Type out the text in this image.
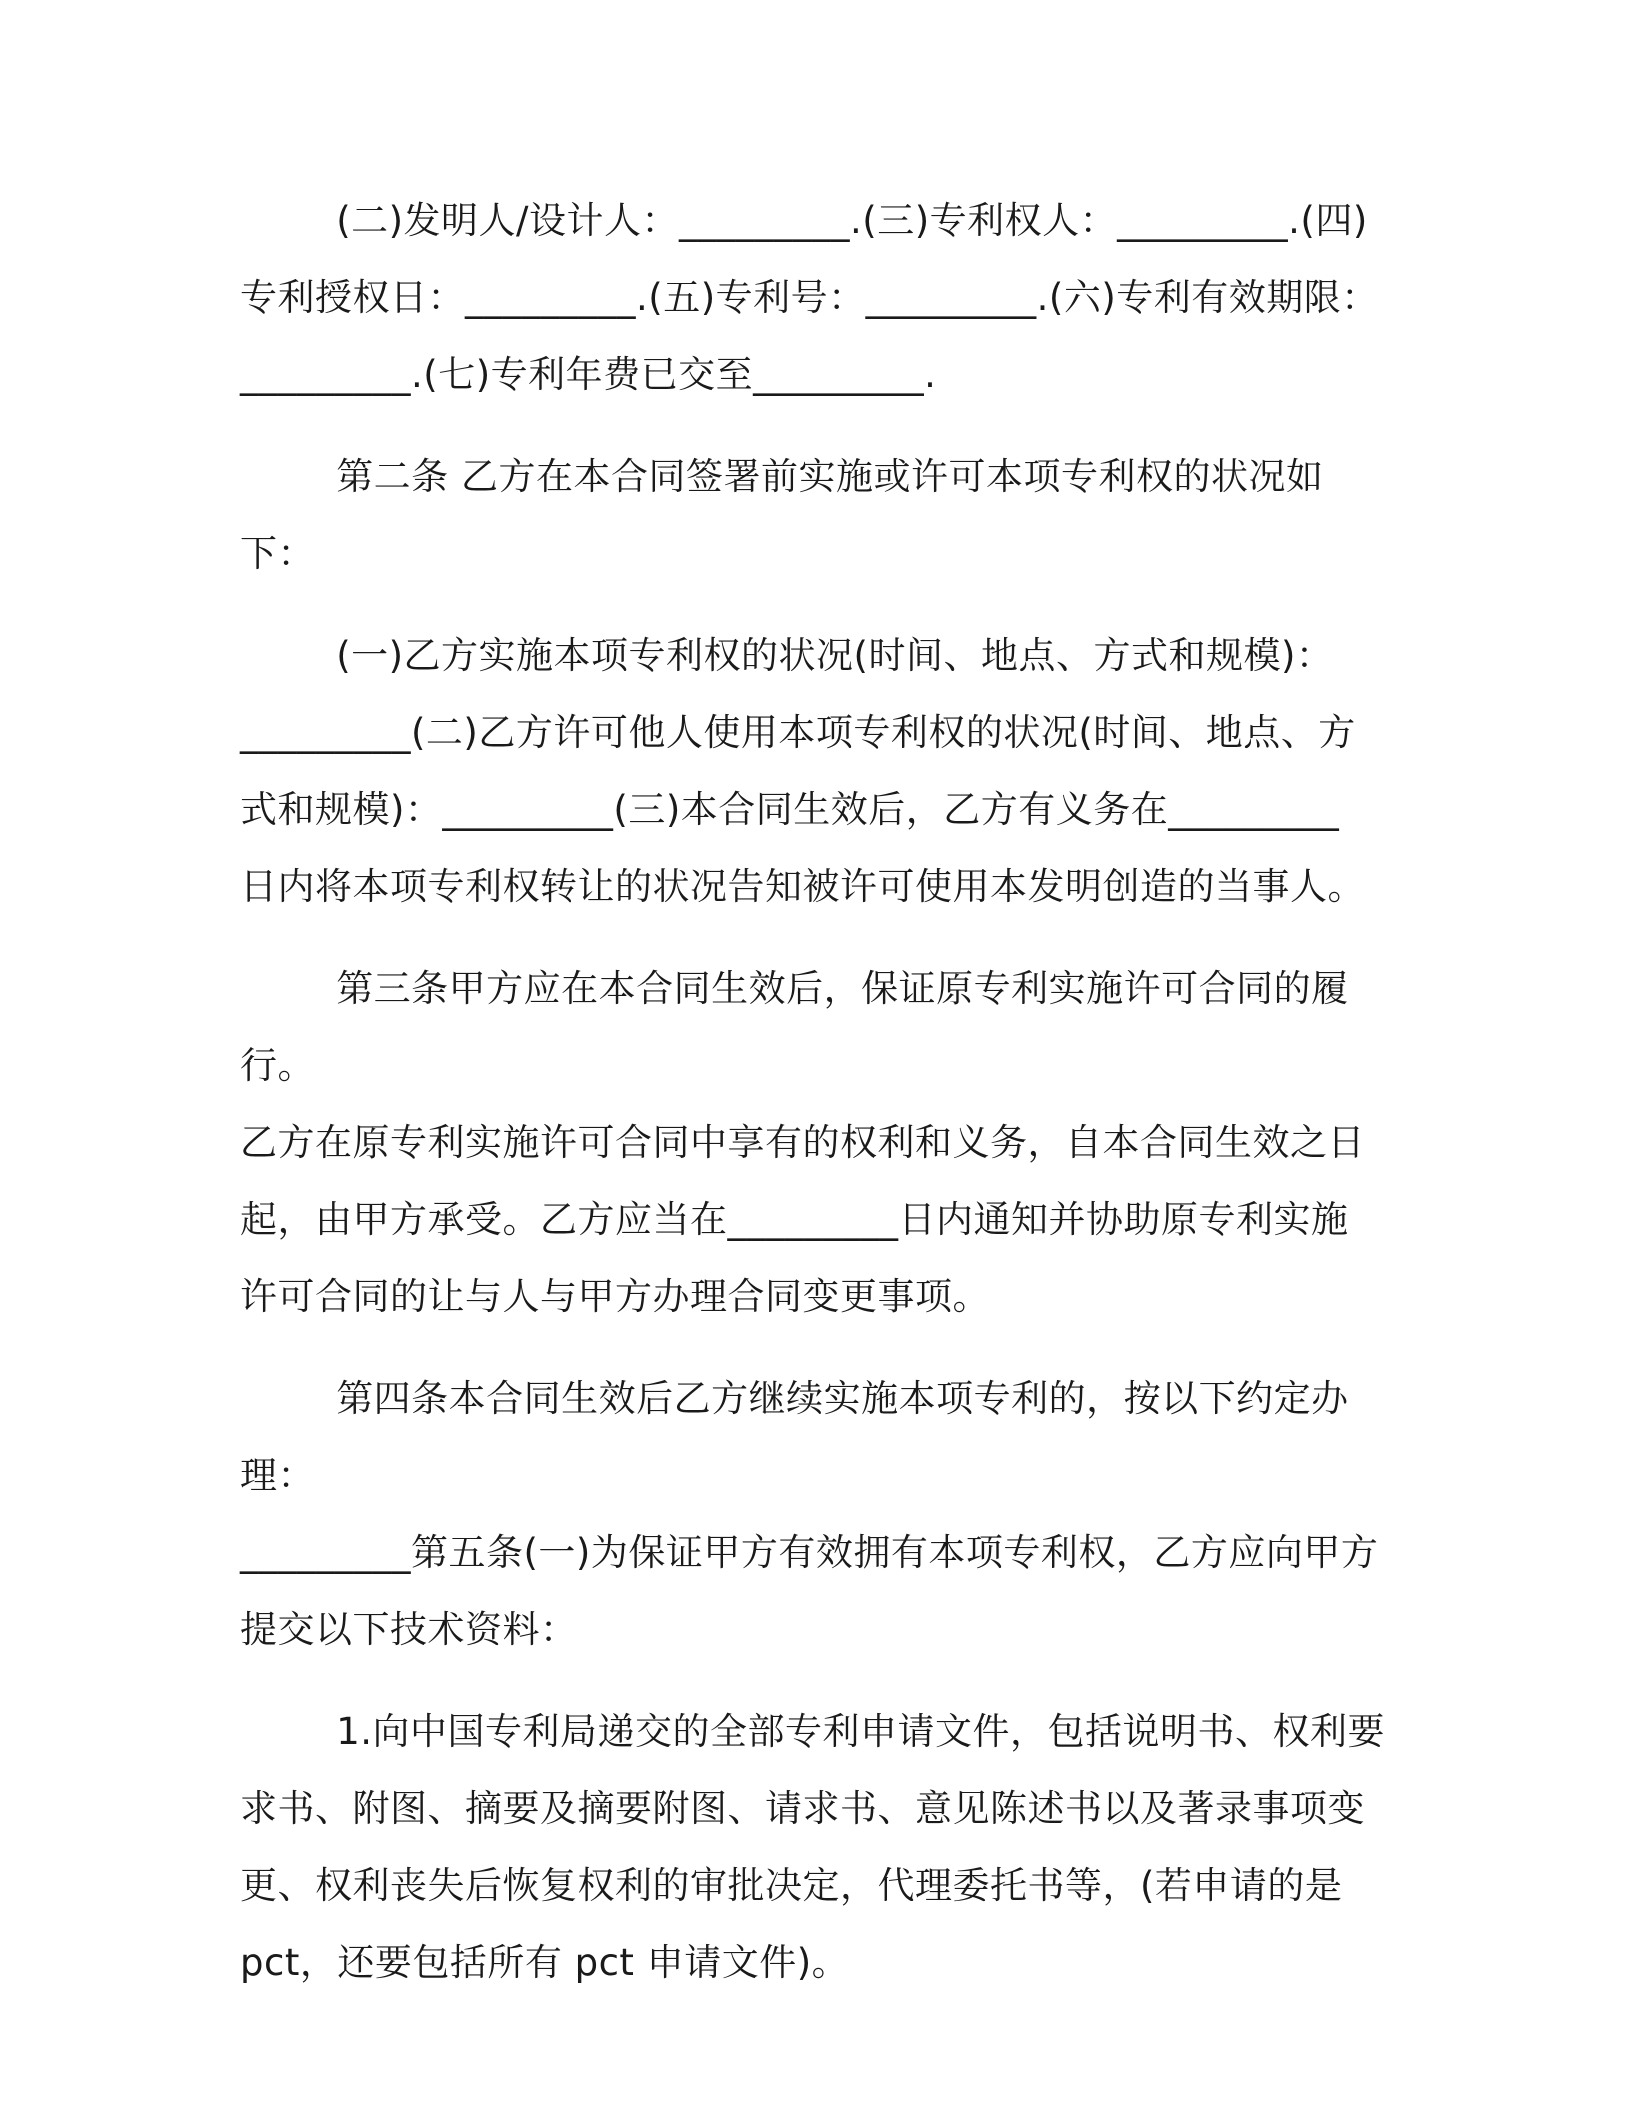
(二)发明人/设计人：_________.(三)专利权人：_________.(四)
专利授权日：_________.(五)专利号：_________.(六)专利有效期限：
_________.(七)专利年费已交至_________.

第二条 乙方在本合同签署前实施或许可本项专利权的状况如下：

(一)乙方实施本项专利权的状况(时间、地点、方式和规模)：
_________(二)乙方许可他人使用本项专利权的状况(时间、地点、方
式和规模)：_________(三)本合同生效后，乙方有义务在_________
日内将本项专利权转让的状况告知被许可使用本发明创造的当事人。

第三条甲方应在本合同生效后，保证原专利实施许可合同的履行。
乙方在原专利实施许可合同中享有的权利和义务，自本合同生效之日
起，由甲方承受。乙方应当在_________日内通知并协助原专利实施
许可合同的让与人与甲方办理合同变更事项。

第四条本合同生效后乙方继续实施本项专利的，按以下约定办理：
_________第五条(一)为保证甲方有效拥有本项专利权，乙方应向甲方
提交以下技术资料：

1.向中国专利局递交的全部专利申请文件，包括说明书、权利要
求书、附图、摘要及摘要附图、请求书、意见陈述书以及著录事项变
更、权利丧失后恢复权利的审批决定，代理委托书等，(若申请的是
pct，还要包括所有 pct 申请文件)。
